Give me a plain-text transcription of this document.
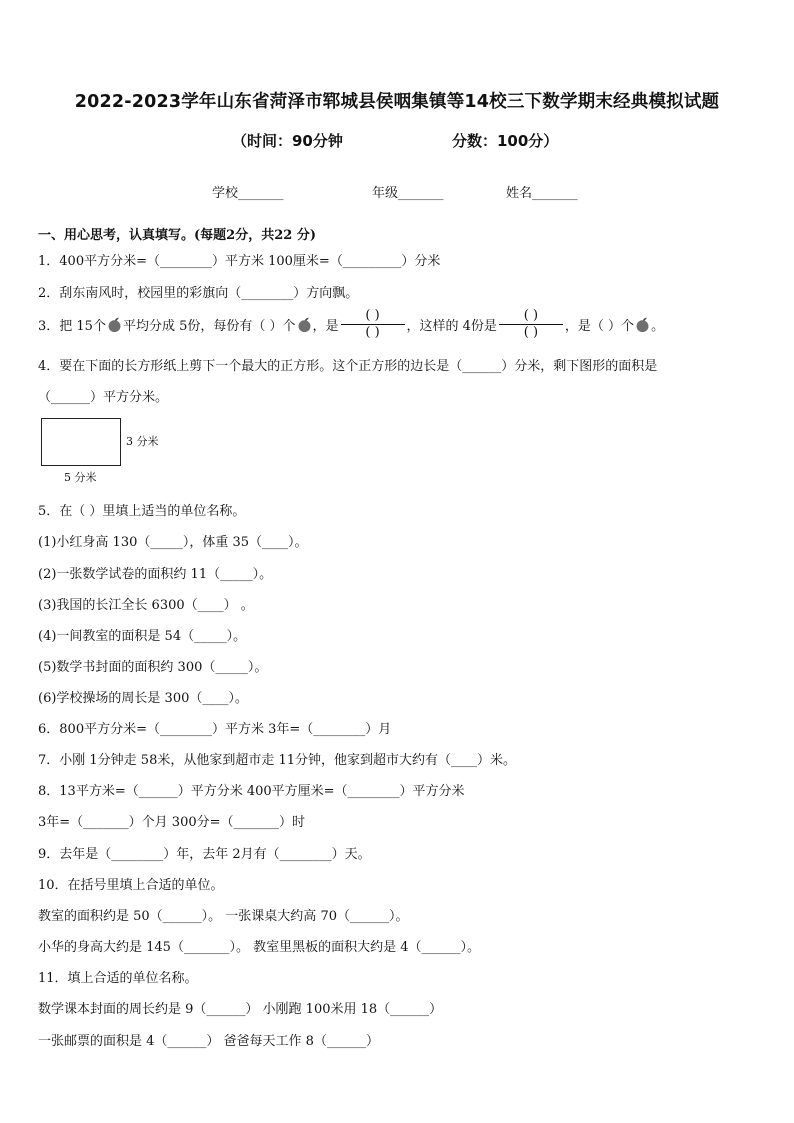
2022-2023学年山东省菏泽市郓城县侯咽集镇等14校三下数学期末经典模拟试题
（时间：90分钟	分数：100分）
学校_______	年级_______	姓名_______
一、用心思考，认真填写。(每题2分，共22 分)
1．400平方分米=（________）平方米 100厘米=（_________）分米
2．刮东南风时，校园里的彩旗向（________）方向飘。
3．把 15个 平均分成 5份，每份有（ ）个 ，是 $\frac{( )}{( )}$ ，这样的 4份是 $\frac{( )}{( )}$ ，是（ ）个 。
4．要在下面的长方形纸上剪下一个最大的正方形。这个正方形的边长是（______）分米，剩下图形的面积是
（______）平方分米。
3 分米
5 分米
5．在（ ）里填上适当的单位名称。
(1)小红身高 130（_____），体重 35（____）。
(2)一张数学试卷的面积约 11（_____）。
(3)我国的长江全长 6300（____） 。
(4)一间教室的面积是 54（_____）。
(5)数学书封面的面积约 300（_____）。
(6)学校操场的周长是 300（____）。
6．800平方分米=（________）平方米 3年=（________）月
7．小刚 1分钟走 58米，从他家到超市走 11分钟，他家到超市大约有（____）米。
8．13平方米=（______）平方分米 400平方厘米=（________）平方分米
3年=（_______）个月 300分=（_______）时
9．去年是（________）年，去年 2月有（________）天。
10．在括号里填上合适的单位。
教室的面积约是 50（______）。 一张课桌大约高 70（______）。
小华的身高大约是 145（_______）。 教室里黑板的面积大约是 4（______）。
11．填上合适的单位名称。
数学课本封面的周长约是 9（______） 小刚跑 100米用 18（______）
一张邮票的面积是 4（______） 爸爸每天工作 8（______）
